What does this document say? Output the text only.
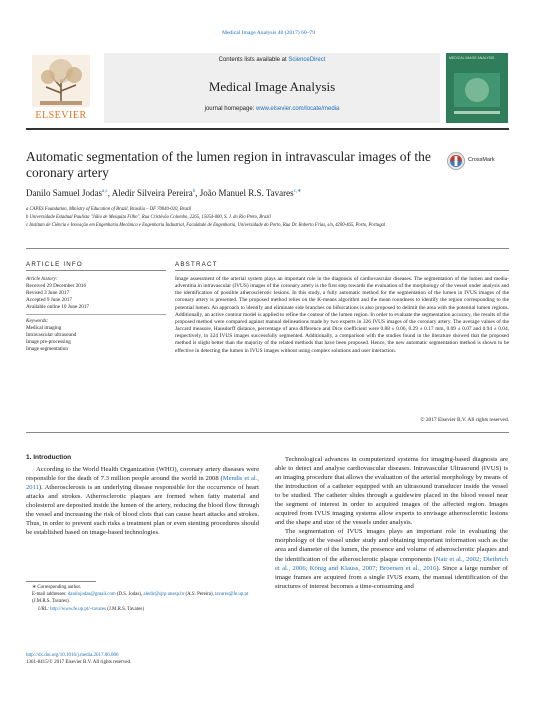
Medical Image Analysis 40 (2017) 60–79
Contents lists available at ScienceDirect
Medical Image Analysis
journal homepage: www.elsevier.com/locate/media
ELSEVIER
MEDICAL IMAGE ANALYSIS
Automatic segmentation of the lumen region in intravascular images of the coronary artery
CrossMark
Danilo Samuel Jodas$^{a,c}$, Aledir Silveira Pereira$^b$, João Manuel R.S. Tavares$^{c,∗}$
a CAPES Foundation, Ministry of Education of Brazil, Brasília – DF 70040-020, Brazil
b Universidade Estadual Paulista "Júlio de Mesquita Filho", Rua Cristóvão Colombo, 2265, 15054-000, S. J. do Rio Preto, Brazil
c Instituto de Ciência e Inovação em Engenharia Mecânica e Engenharia Industrial, Faculdade de Engenharia, Universidade do Porto, Rua Dr. Roberto Frias, s/n, 4200-465, Porto, Portugal
ARTICLE INFO
Article history:
Received 29 December 2016
Revised 3 June 2017
Accepted 9 June 2017
Available online 10 June 2017
Keywords:
Medical imaging
Intravascular ultrasound
Image pre-processing
Image segmentation
ABSTRACT
Image assessment of the arterial system plays an important role in the diagnosis of cardiovascular diseases. The segmentation of the lumen and media-adventitia in intravascular (IVUS) images of the coronary artery is the first step towards the evaluation of the morphology of the vessel under analysis and the identification of possible atherosclerotic lesions. In this study, a fully automatic method for the segmentation of the lumen in IVUS images of the coronary artery is presented. The proposed method relies on the K-means algorithm and the mean roundness to identify the region corresponding to the potential lumen. An approach to identify and eliminate side branches on bifurcations is also proposed to delimit the area with the potential lumen regions. Additionally, an active contour model is applied to refine the contour of the lumen region. In order to evaluate the segmentation accuracy, the results of the proposed method were compared against manual delineations made by two experts in 326 IVUS images of the coronary artery. The average values of the Jaccard measure, Hausdorff distance, percentage of area difference and Dice coefficient were 0.88 ± 0.06, 0.29 ± 0.17 mm, 0.09 ± 0.07 and 0.94 ± 0.04, respectively, in 324 IVUS images successfully segmented. Additionally, a comparison with the studies found in the literature showed that the proposed method is slight better than the majority of the related methods that have been proposed. Hence, the new automatic segmentation method is shown to be effective in detecting the lumen in IVUS images without using complex solutions and user interaction.
© 2017 Elsevier B.V. All rights reserved.
1. Introduction
According to the World Health Organization (WHO), coronary artery diseases were responsible for the death of 7.3 million people around the world in 2008 (Mendis et al., 2011). Atherosclerosis is an underlying disease responsible for the occurrence of heart attacks and strokes. Atherosclerotic plaques are formed when fatty material and cholesterol are deposited inside the lumen of the artery, reducing the blood flow through the vessel and increasing the risk of blood clots that can cause heart attacks and strokes. Thus, in order to prevent such risks a treatment plan or even stenting procedures should be established based on image-based technologies.
Technological advances in computerized systems for imaging-based diagnosis are able to detect and analyse cardiovascular diseases. Intravascular Ultrasound (IVUS) is an imaging procedure that allows the evaluation of the arterial morphology by means of the introduction of a catheter equipped with an ultrasound transducer inside the vessel to be studied. The catheter slides through a guidewire placed in the blood vessel near the segment of interest in order to acquired images of the affected region. Images acquired from IVUS imaging systems allow experts to envisage atherosclerotic lesions and the shape and size of the vessels under analysis.
The segmentation of IVUS images plays an important role in evaluating the morphology of the vessel under study and obtaining important information such as the area and diameter of the lumen, the presence and volume of atherosclerotic plaques and the identification of the atherosclerotic plaque components (Nair et al., 2002; Diethrich et al., 2006; König and Klauss, 2007; Broersen et al., 2016). Since a large number of image frames are acquired from a single IVUS exam, the manual identification of the structures of interest becomes a time-consuming and
∗ Corresponding author.
E-mail addresses: danilojodas@gmail.com (D.S. Jodas), aledir@sjrp.unesp.br (A.S. Pereira), tavares@fe.up.pt (J.M.R.S. Tavares).
URL: http://www.fe.up.pt/~tavares (J.M.R.S. Tavares)
http://dx.doi.org/10.1016/j.media.2017.06.006
1361-8415/© 2017 Elsevier B.V. All rights reserved.
